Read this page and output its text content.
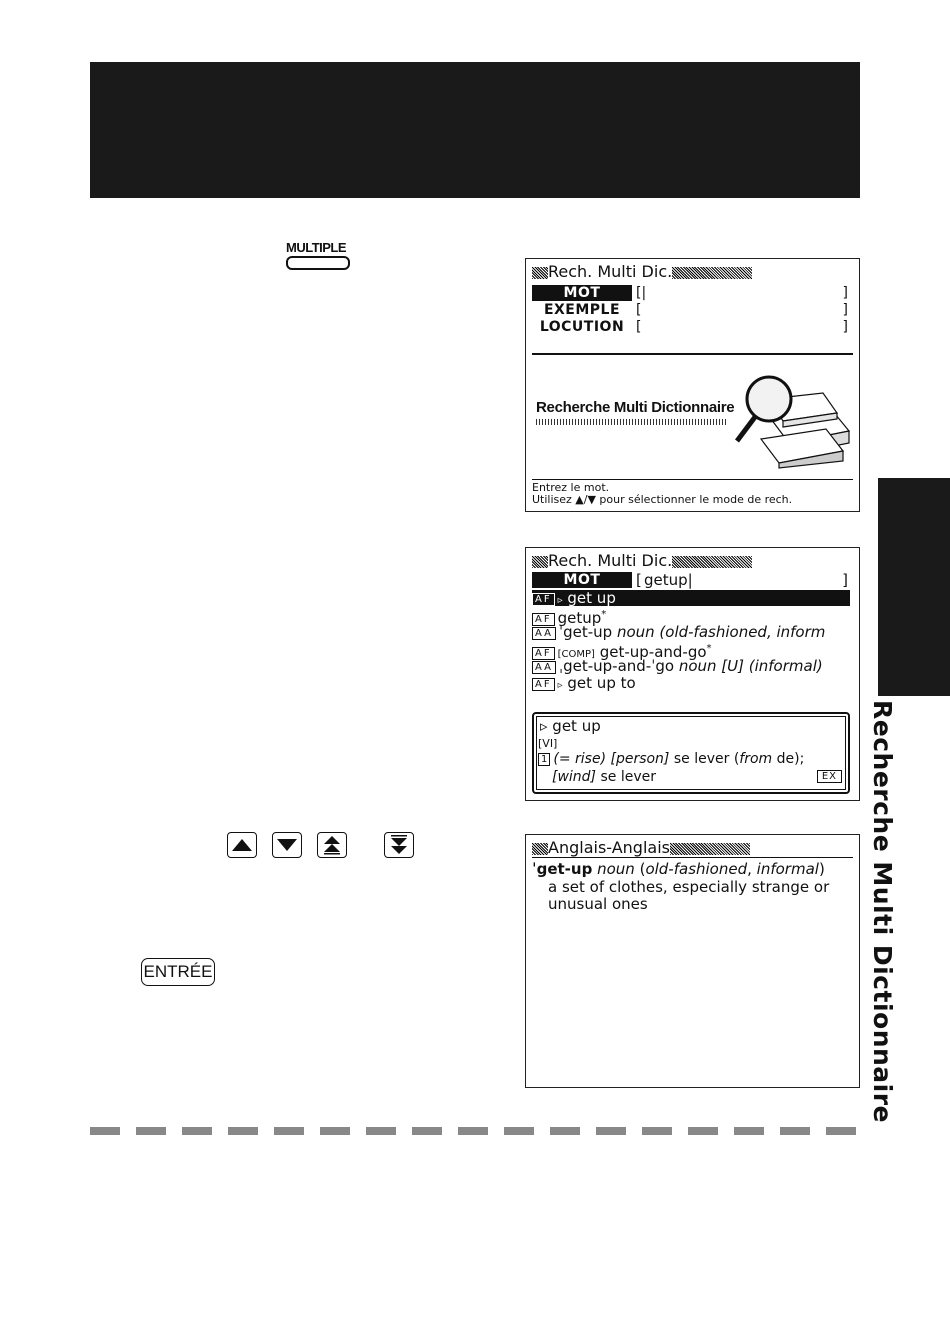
Recherche Multi Dictionnaire
MULTIPLE
ENTRÉE
Rech. Multi Dic.
MOT	[|	]
EXEMPLE	[	]
LOCUTION [	]
Recherche Multi Dictionnaire
Entrez le mot.
Utilisez ▲/▼ pour sélectionner le mode de rech.
Rech. Multi Dic.
MOT	[ getup|	]
AF ▹ get up
AF getup*
AA ˈget-up noun (old-fashioned, inform
AF [COMP] get-up-and-go*
AA ˌget-up-and-ˈgo noun [U] (informal)
AF ▹ get up to
▹ get up
[VI]
1 (= rise) [person] se lever (from de);
[wind] se lever	EX
Anglais-Anglais
ˈget-up noun (old-fashioned, informal)
a set of clothes, especially strange or
unusual ones
